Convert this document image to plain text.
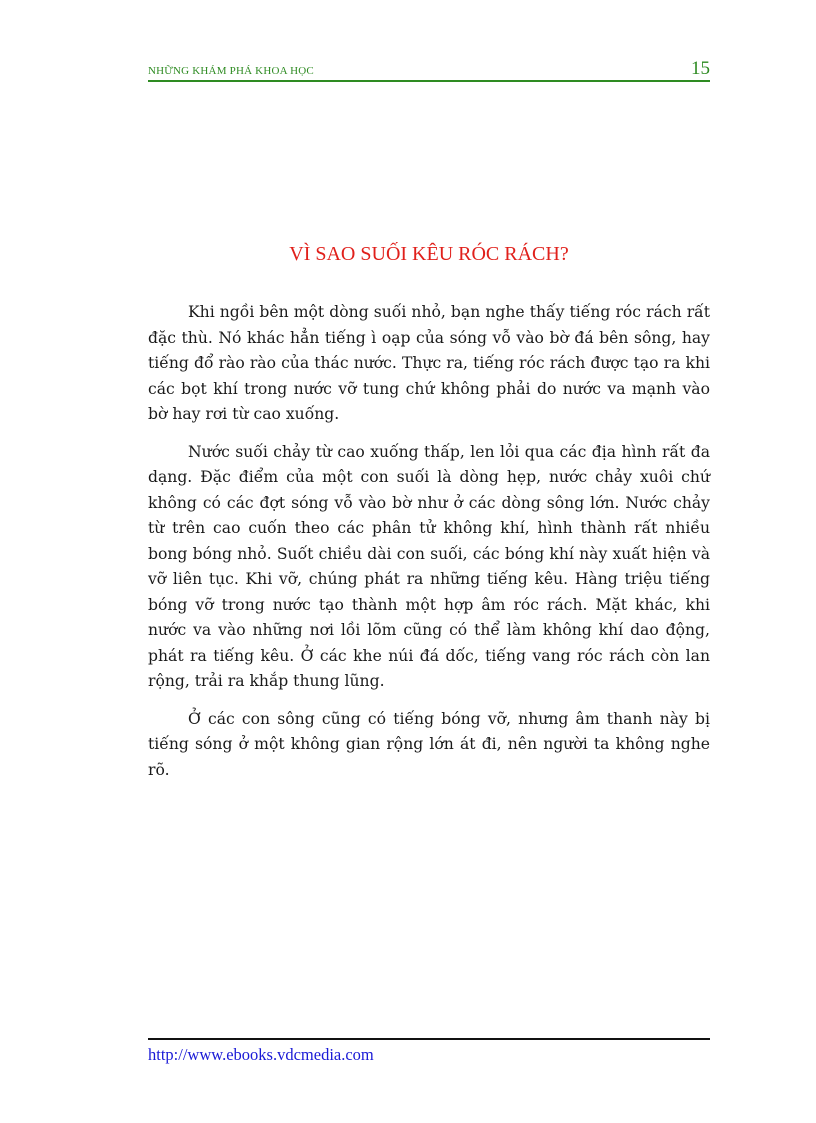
NHỮNG KHÁM PHÁ KHOA HỌC	15
VÌ SAO SUỐI KÊU RÓC RÁCH?

Khi ngồi bên một dòng suối nhỏ, bạn nghe thấy tiếng róc rách rất đặc thù. Nó khác hẳn tiếng ì oạp của sóng vỗ vào bờ đá bên sông, hay tiếng đổ rào rào của thác nước. Thực ra, tiếng róc rách được tạo ra khi các bọt khí trong nước vỡ tung chứ không phải do nước va mạnh vào bờ hay rơi từ cao xuống.

Nước suối chảy từ cao xuống thấp, len lỏi qua các địa hình rất đa dạng. Đặc điểm của một con suối là dòng hẹp, nước chảy xuôi chứ không có các đợt sóng vỗ vào bờ như ở các dòng sông lớn. Nước chảy từ trên cao cuốn theo các phân tử không khí, hình thành rất nhiều bong bóng nhỏ. Suốt chiều dài con suối, các bóng khí này xuất hiện và vỡ liên tục. Khi vỡ, chúng phát ra những tiếng kêu. Hàng triệu tiếng bóng vỡ trong nước tạo thành một hợp âm róc rách. Mặt khác, khi nước va vào những nơi lồi lõm cũng có thể làm không khí dao động, phát ra tiếng kêu. Ở các khe núi đá dốc, tiếng vang róc rách còn lan rộng, trải ra khắp thung lũng.

Ở các con sông cũng có tiếng bóng vỡ, nhưng âm thanh này bị tiếng sóng ở một không gian rộng lớn át đi, nên người ta không nghe rõ.

http://www.ebooks.vdcmedia.com
